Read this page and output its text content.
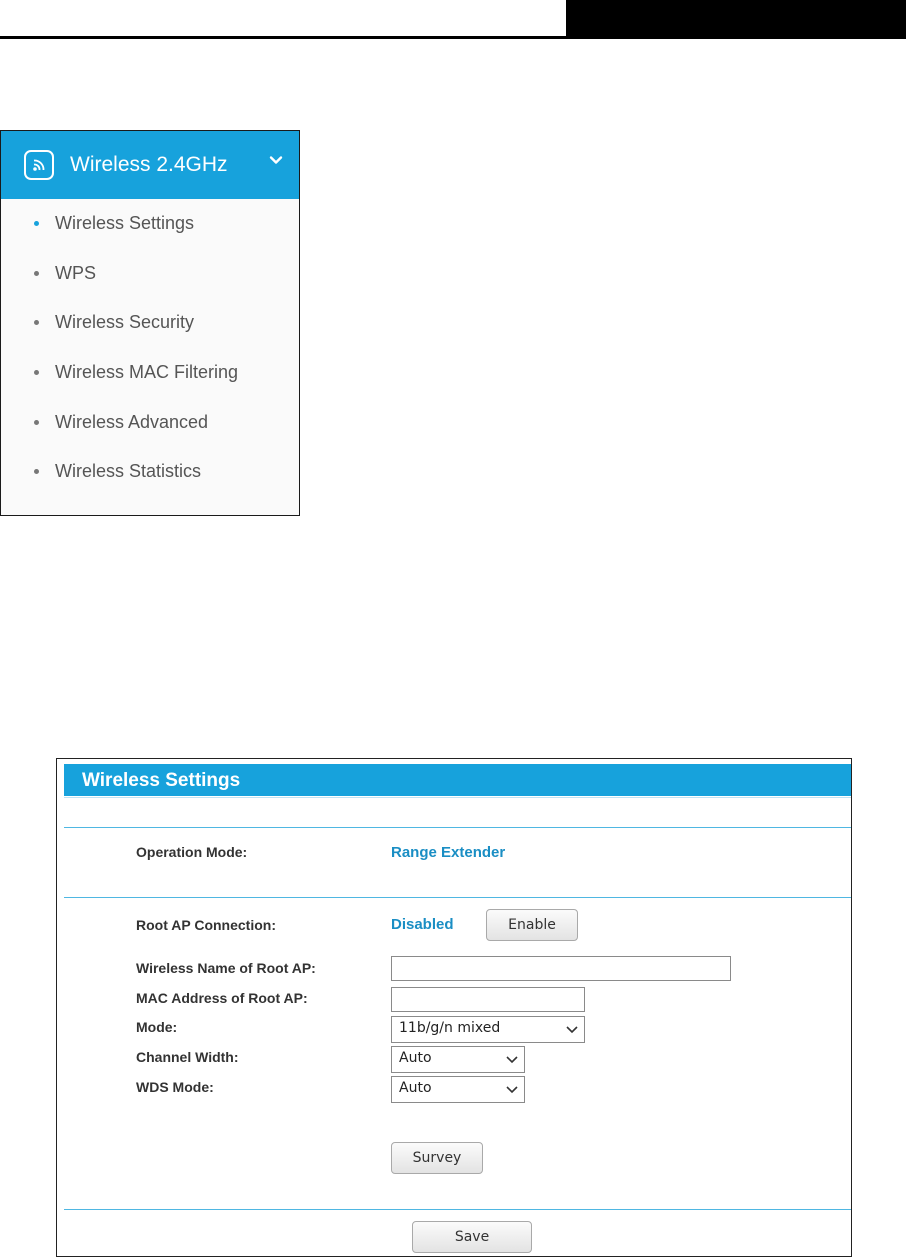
Wireless 2.4GHz
Wireless Settings
WPS
Wireless Security
Wireless MAC Filtering
Wireless Advanced
Wireless Statistics
Wireless Settings
Operation Mode:	Range Extender
Root AP Connection:	Disabled	Enable
Wireless Name of Root AP:
MAC Address of Root AP:
Mode:	11b/g/n mixed
Channel Width:	Auto
WDS Mode:	Auto
Survey
Save
